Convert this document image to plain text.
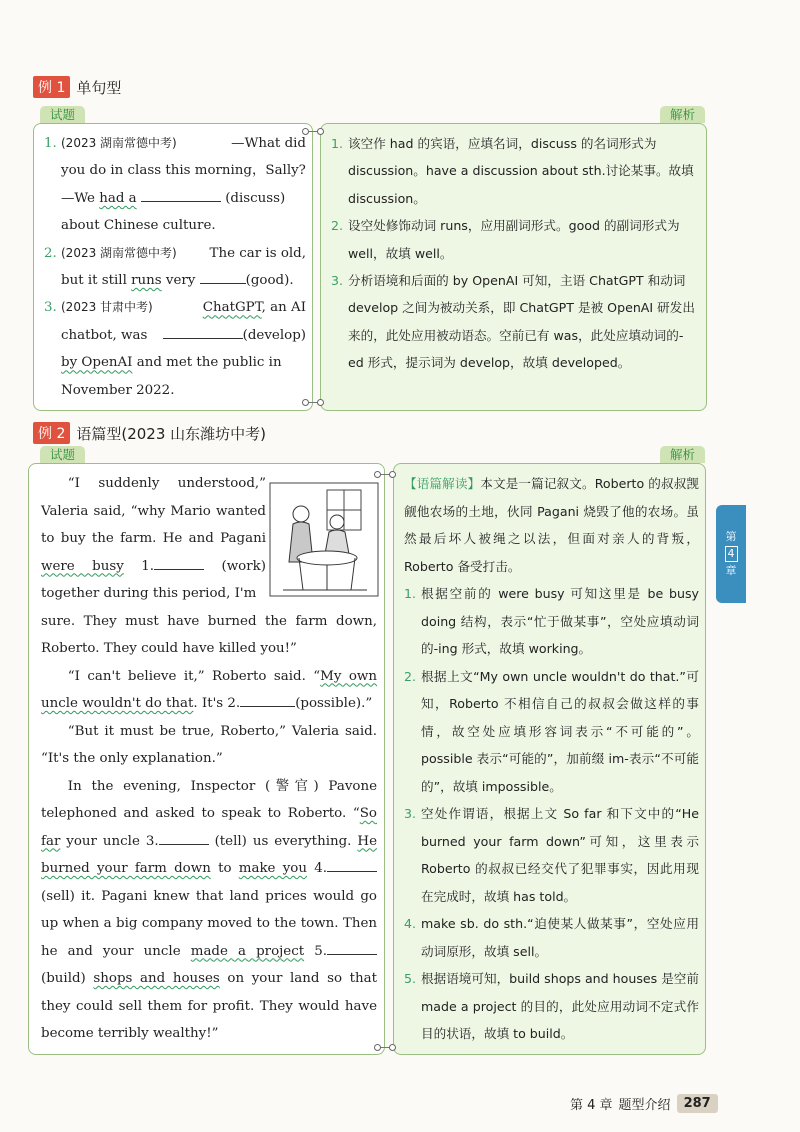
例 1 单句型
试题	解析
1. (2023 湖南常德中考)	—What did
you do in class this morning，Sally?
—We had a	(discuss)
about Chinese culture.
2. (2023 湖南常德中考) The car is old,
but it still runs very	(good).
3. (2023 甘肃中考)	ChatGPT, an AI
chatbot, was	(develop)
by OpenAI and met the public in
November 2022.
1. 该空作 had 的宾语，应填名词，discuss 的名词形式为 discussion。have a discussion about sth.讨论某事。故填 discussion。
2. 设空处修饰动词 runs，应用副词形式。good 的副词形式为 well，故填 well。
3. 分析语境和后面的 by OpenAI 可知，主语 ChatGPT 和动词 develop 之间为被动关系，即 ChatGPT 是被 OpenAI 研发出来的，此处应用被动语态。空前已有 was，此处应填动词的-ed 形式，提示词为 develop，故填 developed。
例 2 语篇型(2023 山东潍坊中考)
试题	解析
“I suddenly understood,” Valeria said, “why Mario wanted to buy the farm. He and Pagani were busy 1.	(work) together during this period, I'm
sure. They must have burned the farm down, Roberto. They could have killed you!”
“I can't believe it,” Roberto said. “My own uncle wouldn't do that. It's 2.	(possible).”
“But it must be true, Roberto,” Valeria said. “It's the only explanation.”
In the evening, Inspector (警官) Pavone telephoned and asked to speak to Roberto. “So far your uncle 3.	(tell) us everything. He burned your farm down to make you 4. (sell) it. Pagani knew that land prices would go up when a big company moved to the town. Then he and your uncle made a project 5. (build) shops and houses on your land so that they could sell them for profit. They would have become terribly wealthy!”
【语篇解读】本文是一篇记叙文。Roberto 的叔叔觊觎他农场的土地，伙同 Pagani 烧毁了他的农场。虽然最后坏人被绳之以法，但面对亲人的背叛，Roberto 备受打击。
1. 根据空前的 were busy 可知这里是 be busy doing 结构，表示“忙于做某事”，空处应填动词的-ing 形式，故填 working。
2. 根据上文“My own uncle wouldn't do that.”可知，Roberto 不相信自己的叔叔会做这样的事情，故空处应填形容词表示“不可能的”。possible 表示“可能的”，加前缀 im-表示“不可能的”，故填 impossible。
3. 空处作谓语，根据上文 So far 和下文中的“He burned your farm down”可知，这里表示 Roberto 的叔叔已经交代了犯罪事实，因此用现在完成时，故填 has told。
4. make sb. do sth.“迫使某人做某事”，空处应用动词原形，故填 sell。
5. 根据语境可知，build shops and houses 是空前 made a project 的目的，此处应用动词不定式作目的状语，故填 to build。
第
4
章
第 4 章 题型介绍	287
